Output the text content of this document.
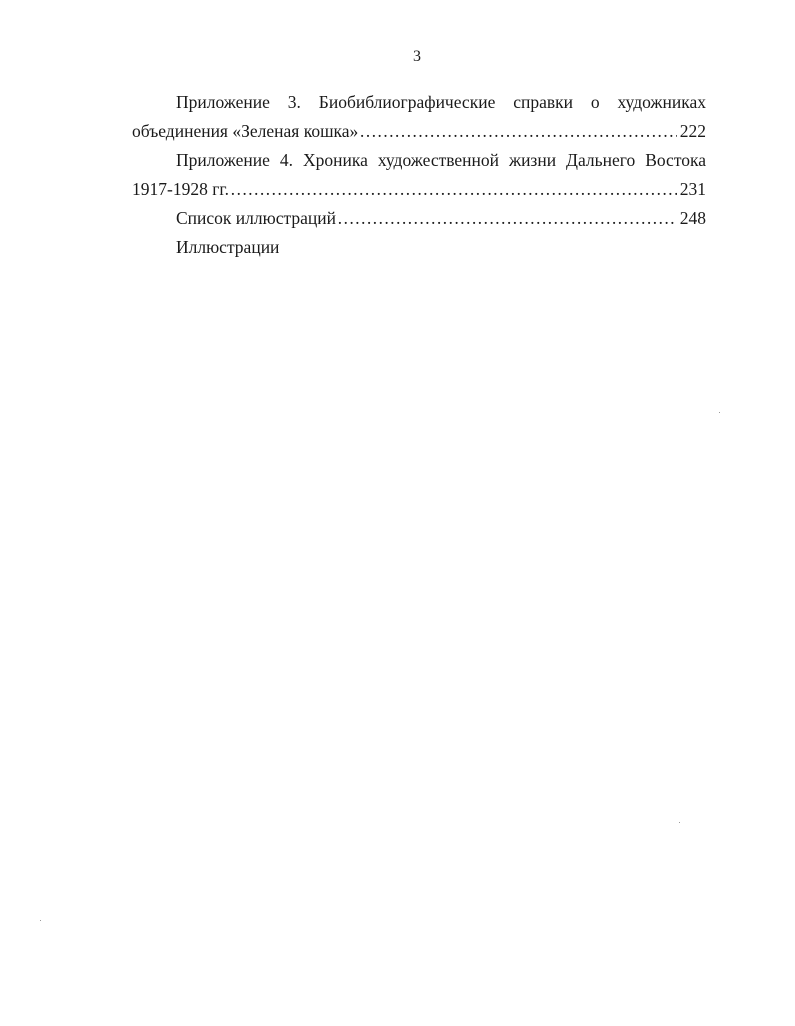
3
Приложение 3. Биобиблиографические справки о художниках
объединения «Зеленая кошка» ………………………………………………………………………………………………………………………………………………	222
Приложение 4. Хроника художественной жизни Дальнего Востока
1917-1928 гг. ………………………………………………………………………………………………………………………………………………	231
Список иллюстраций ………………………………………………………………………………………………………………………………………………	248
Иллюстрации
